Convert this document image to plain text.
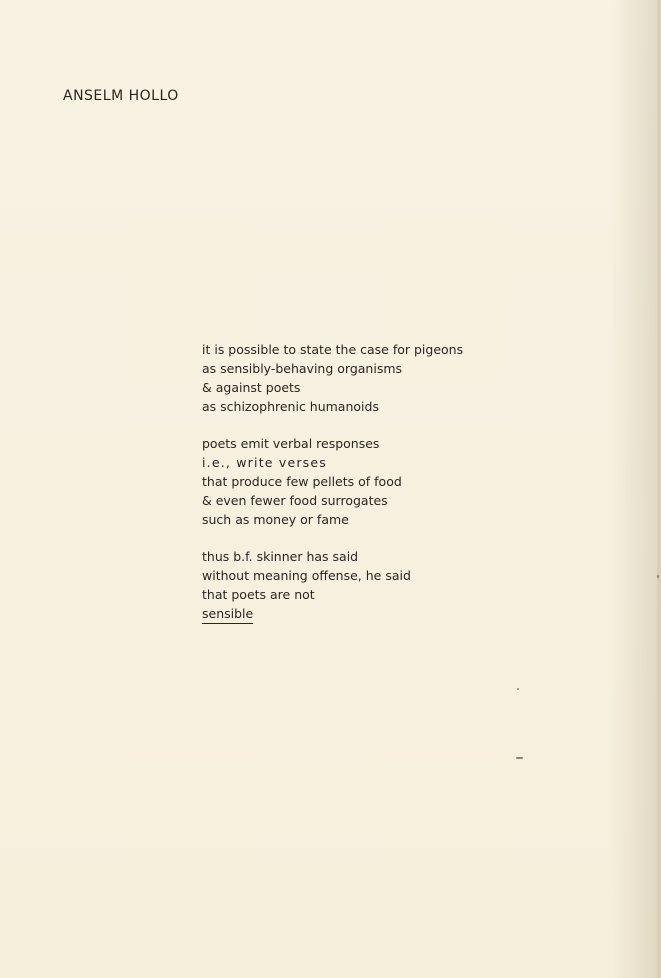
ANSELM HOLLO
it is possible to state the case for pigeons
as sensibly-behaving organisms
& against poets
as schizophrenic humanoids
poets emit verbal responses
i.e., write verses
that produce few pellets of food
& even fewer food surrogates
such as money or fame
thus b.f. skinner has said
without meaning offense, he said
that poets are not
sensible
